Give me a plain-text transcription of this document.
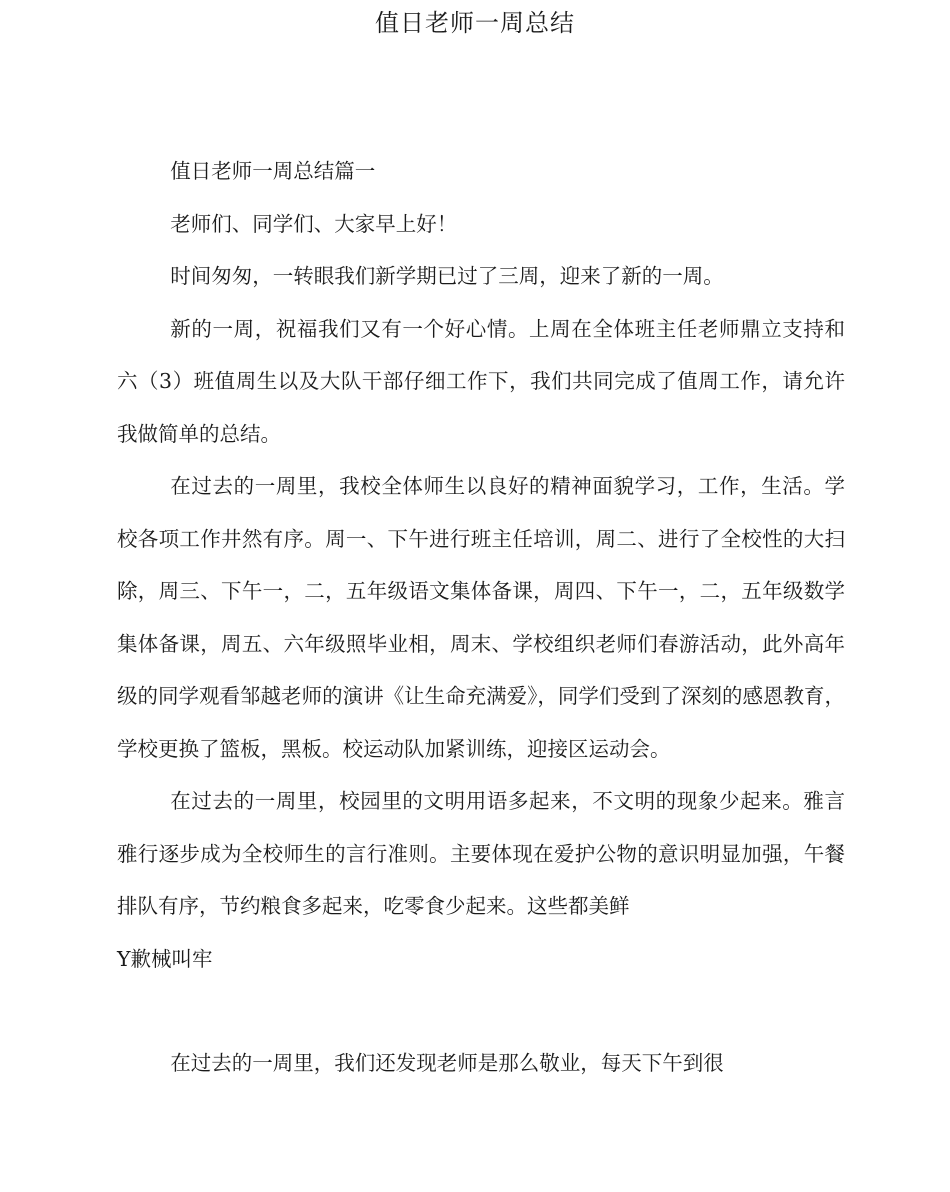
值日老师一周总结

值日老师一周总结篇一

老师们、同学们、大家早上好！

时间匆匆，一转眼我们新学期已过了三周，迎来了新的一周。

新的一周，祝福我们又有一个好心情。上周在全体班主任老师鼎立支持和六（3）班值周生以及大队干部仔细工作下，我们共同完成了值周工作，请允许我做简单的总结。

在过去的一周里，我校全体师生以良好的精神面貌学习，工作，生活。学校各项工作井然有序。周一、下午进行班主任培训，周二、进行了全校性的大扫除，周三、下午一，二，五年级语文集体备课，周四、下午一，二，五年级数学集体备课，周五、六年级照毕业相，周末、学校组织老师们春游活动，此外高年级的同学观看邹越老师的演讲《让生命充满爱》，同学们受到了深刻的感恩教育，学校更换了篮板，黑板。校运动队加紧训练，迎接区运动会。

在过去的一周里，校园里的文明用语多起来，不文明的现象少起来。雅言雅行逐步成为全校师生的言行准则。主要体现在爱护公物的意识明显加强，午餐排队有序，节约粮食多起来，吃零食少起来。这些都美鲜

Y歉械叫牢

在过去的一周里，我们还发现老师是那么敬业，每天下午到很
